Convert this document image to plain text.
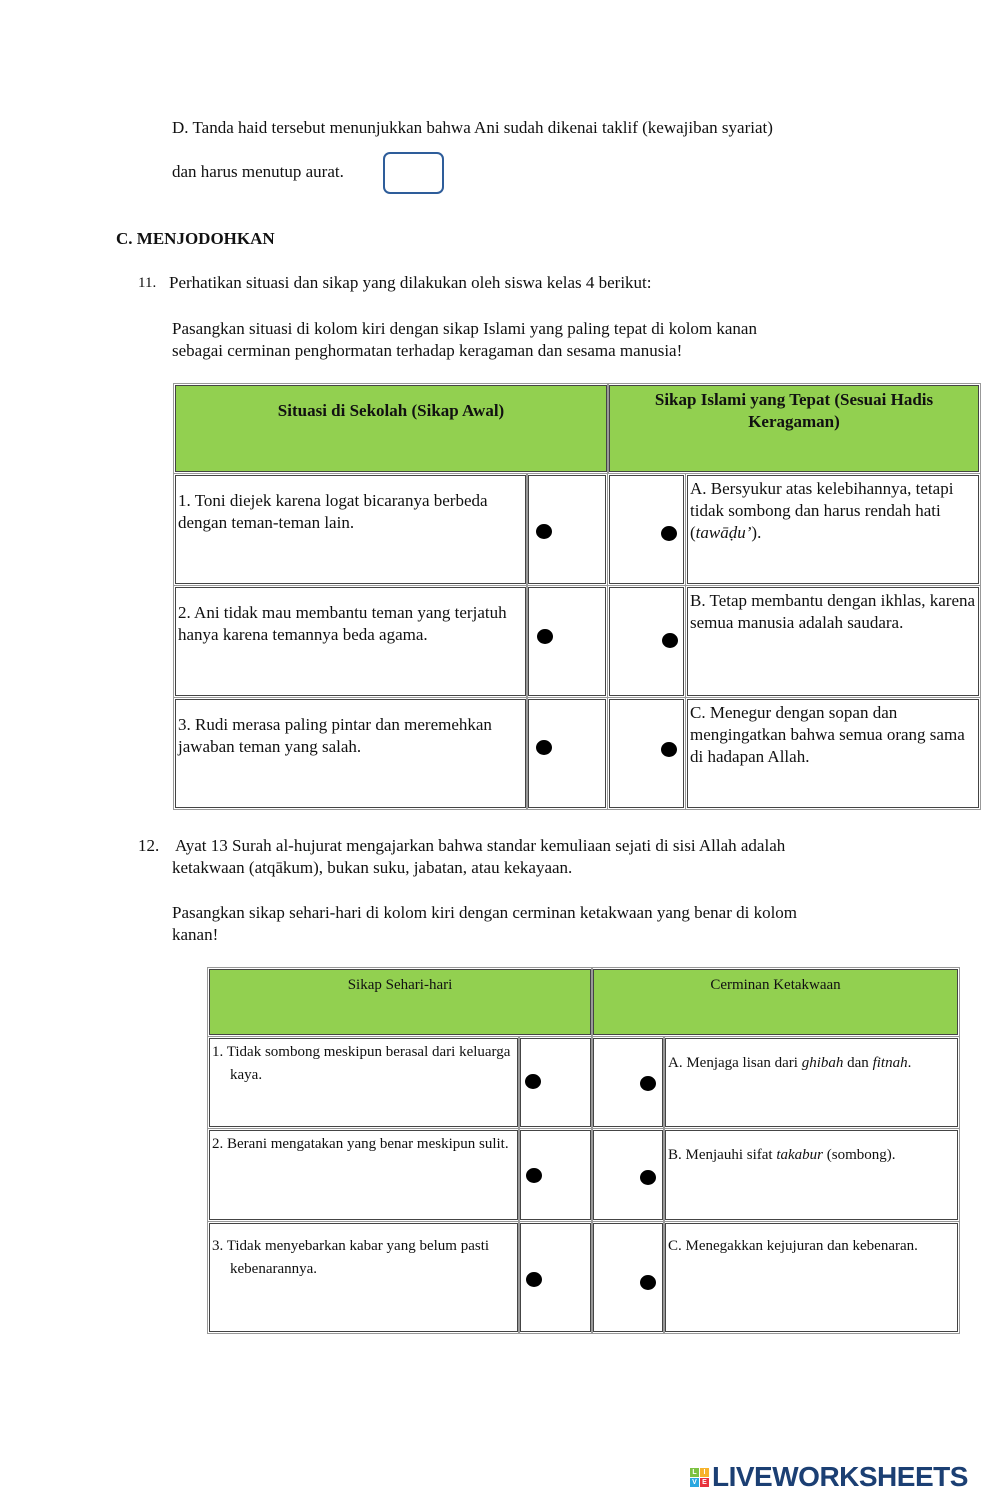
D. Tanda haid tersebut menunjukkan bahwa Ani sudah dikenai taklif (kewajiban syariat)
dan harus menutup aurat.
C. MENJODOHKAN
11. Perhatikan situasi dan sikap yang dilakukan oleh siswa kelas 4 berikut:
Pasangkan situasi di kolom kiri dengan sikap Islami yang paling tepat di kolom kanan
sebagai cerminan penghormatan terhadap keragaman dan sesama manusia!
Situasi di Sekolah (Sikap Awal)
Sikap Islami yang Tepat (Sesuai Hadis Keragaman)
1. Toni diejek karena logat bicaranya berbeda dengan teman-teman lain.
A. Bersyukur atas kelebihannya, tetapi tidak sombong dan harus rendah hati (tawāḍu’).
2. Ani tidak mau membantu teman yang terjatuh hanya karena temannya beda agama.
B. Tetap membantu dengan ikhlas, karena semua manusia adalah saudara.
3. Rudi merasa paling pintar dan meremehkan jawaban teman yang salah.
C. Menegur dengan sopan dan mengingatkan bahwa semua orang sama di hadapan Allah.
12. Ayat 13 Surah al-hujurat mengajarkan bahwa standar kemuliaan sejati di sisi Allah adalah
ketakwaan (atqākum), bukan suku, jabatan, atau kekayaan.
Pasangkan sikap sehari-hari di kolom kiri dengan cerminan ketakwaan yang benar di kolom
kanan!
Sikap Sehari-hari	Cerminan Ketakwaan
1. Tidak sombong meskipun berasal dari keluarga kaya.
A. Menjaga lisan dari ghibah dan fitnah.
2. Berani mengatakan yang benar meskipun sulit.
B. Menjauhi sifat takabur (sombong).
3. Tidak menyebarkan kabar yang belum pasti kebenarannya.
C. Menegakkan kejujuran dan kebenaran.
L I
V E LIVEWORKSHEETS
